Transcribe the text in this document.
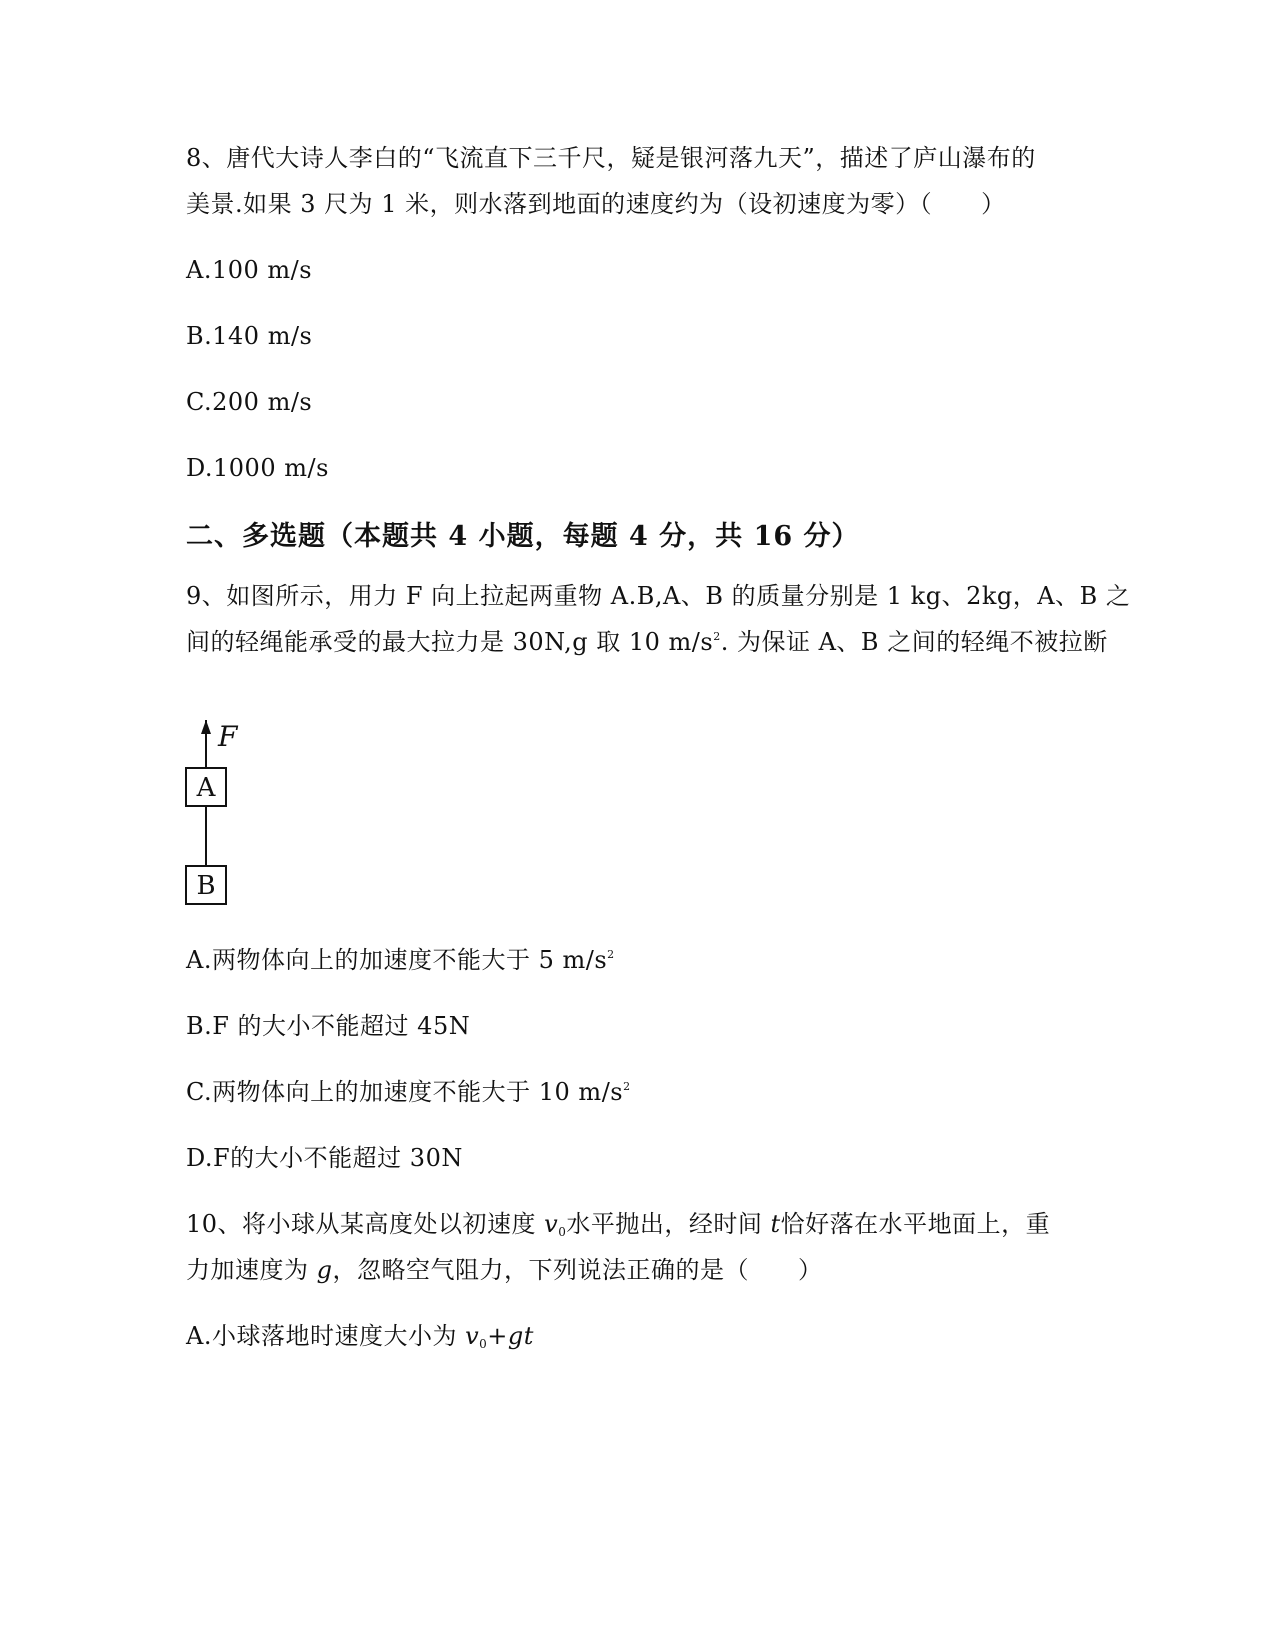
8、唐代大诗人李白的“飞流直下三千尺，疑是银河落九天”，描述了庐山瀑布的
美景.如果 3 尺为 1 米，则水落到地面的速度约为（设初速度为零）（　　）
A.100 m/s
B.140 m/s
C.200 m/s
D.1000 m/s
二、多选题（本题共 4 小题，每题 4 分，共 16 分）
9、如图所示，用力 F 向上拉起两重物 A.B,A、B 的质量分别是 1 kg、2kg，A、B 之
间的轻绳能承受的最大拉力是 30N,g 取 10 $m/s^2$. 为保证 A、B 之间的轻绳不被拉断
F
A
B
A.两物体向上的加速度不能大于 5 $m/s^2$
B.F 的大小不能超过 45N
C.两物体向上的加速度不能大于 10 $m/s^2$
D.F的大小不能超过 30N
10、将小球从某高度处以初速度 $v_0$水平抛出，经时间 t恰好落在水平地面上，重
力加速度为 g，忽略空气阻力，下列说法正确的是（　　）
A.小球落地时速度大小为 $v_0+gt$
